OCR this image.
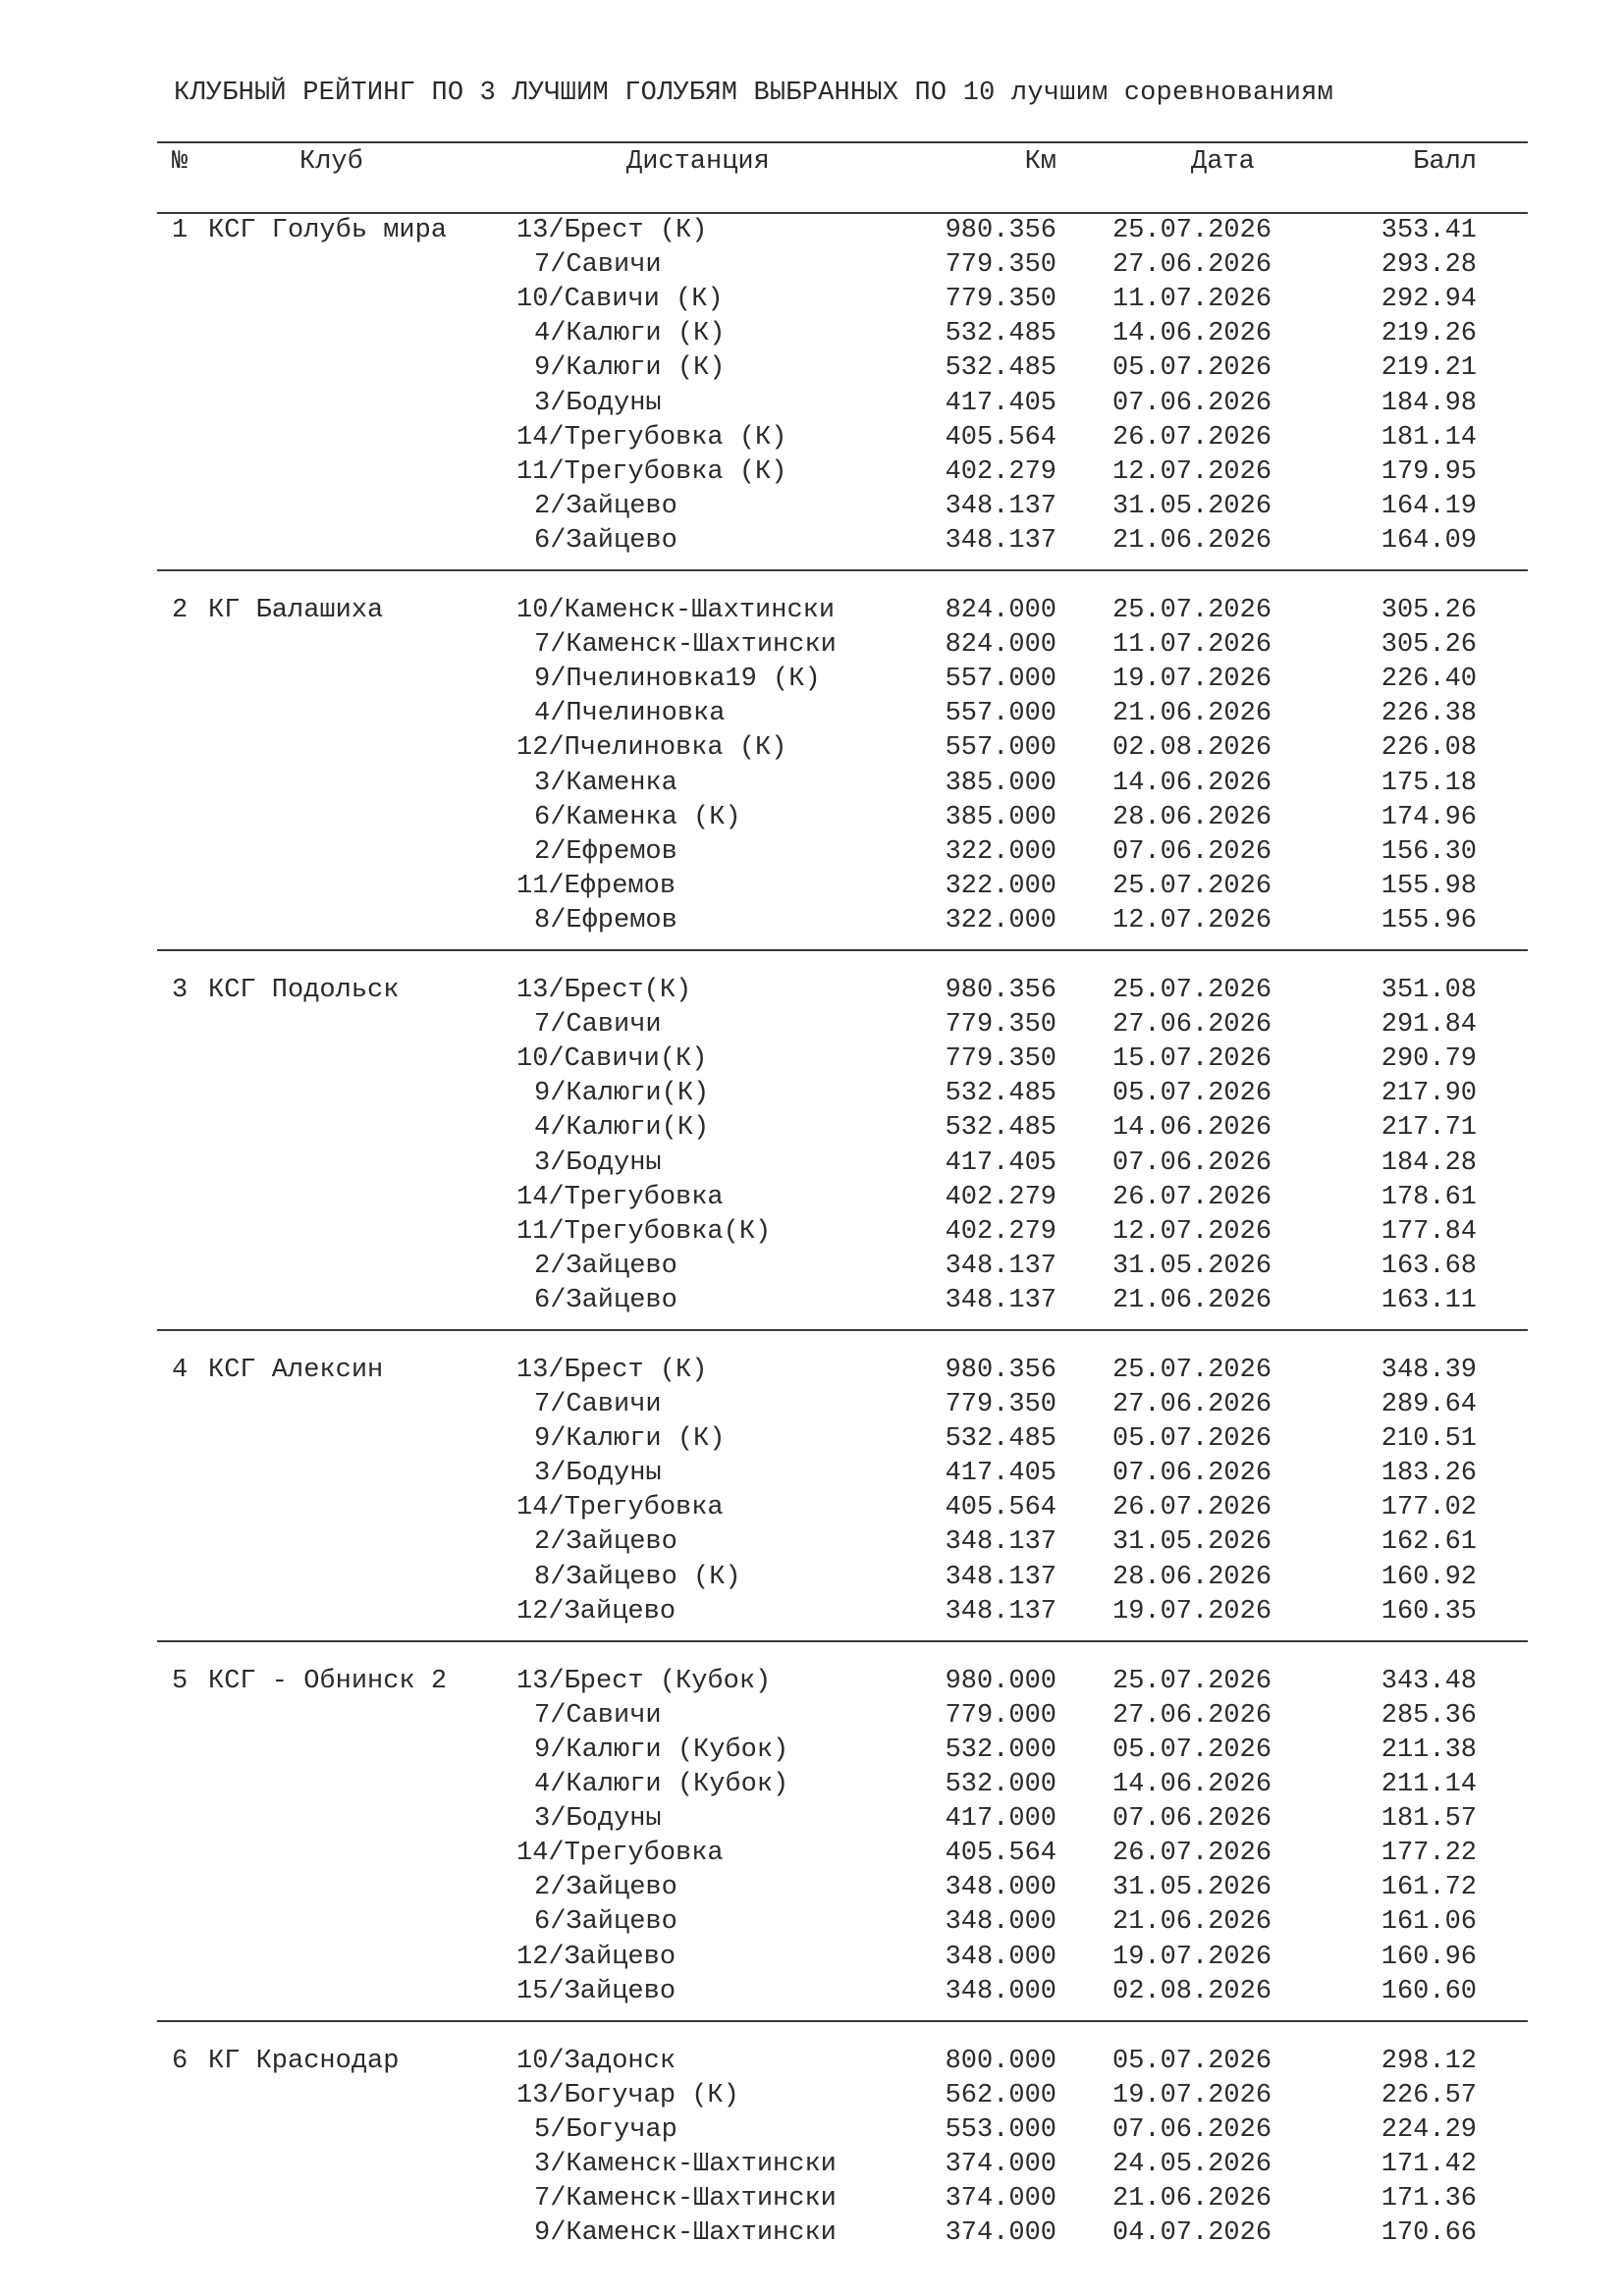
КЛУБНЫЙ РЕЙТИНГ ПО 3 ЛУЧШИМ ГОЛУБЯМ ВЫБРАННЫХ ПО 10 лучшим соревнованиям
№	Клуб	Дистанция	Км	Дата	Балл
1 КСГ Голубь мира	13/Брест (К)	980.356 25.07.2026	353.41
7/Савичи	779.350 27.06.2026	293.28
10/Савичи (К)	779.350 11.07.2026	292.94
4/Калюги (К)	532.485 14.06.2026	219.26
9/Калюги (К)	532.485 05.07.2026	219.21
3/Бодуны	417.405 07.06.2026	184.98
14/Трегубовка (К)	405.564 26.07.2026	181.14
11/Трегубовка (К)	402.279 12.07.2026	179.95
2/Зайцево	348.137 31.05.2026	164.19
6/Зайцево	348.137 21.06.2026	164.09
2 КГ Балашиха	10/Каменск-Шахтински	824.000 25.07.2026	305.26
7/Каменск-Шахтински	824.000 11.07.2026	305.26
9/Пчелиновка19 (К)	557.000 19.07.2026	226.40
4/Пчелиновка	557.000 21.06.2026	226.38
12/Пчелиновка (К)	557.000 02.08.2026	226.08
3/Каменка	385.000 14.06.2026	175.18
6/Каменка (К)	385.000 28.06.2026	174.96
2/Ефремов	322.000 07.06.2026	156.30
11/Ефремов	322.000 25.07.2026	155.98
8/Ефремов	322.000 12.07.2026	155.96
3 КСГ Подольск	13/Брест(К)	980.356 25.07.2026	351.08
7/Савичи	779.350 27.06.2026	291.84
10/Савичи(К)	779.350 15.07.2026	290.79
9/Калюги(К)	532.485 05.07.2026	217.90
4/Калюги(К)	532.485 14.06.2026	217.71
3/Бодуны	417.405 07.06.2026	184.28
14/Трегубовка	402.279 26.07.2026	178.61
11/Трегубовка(К)	402.279 12.07.2026	177.84
2/Зайцево	348.137 31.05.2026	163.68
6/Зайцево	348.137 21.06.2026	163.11
4 КСГ Алексин	13/Брест (К)	980.356 25.07.2026	348.39
7/Савичи	779.350 27.06.2026	289.64
9/Калюги (К)	532.485 05.07.2026	210.51
3/Бодуны	417.405 07.06.2026	183.26
14/Трегубовка	405.564 26.07.2026	177.02
2/Зайцево	348.137 31.05.2026	162.61
8/Зайцево (К)	348.137 28.06.2026	160.92
12/Зайцево	348.137 19.07.2026	160.35
5 КСГ - Обнинск 2	13/Брест (Кубок)	980.000 25.07.2026	343.48
7/Савичи	779.000 27.06.2026	285.36
9/Калюги (Кубок)	532.000 05.07.2026	211.38
4/Калюги (Кубок)	532.000 14.06.2026	211.14
3/Бодуны	417.000 07.06.2026	181.57
14/Трегубовка	405.564 26.07.2026	177.22
2/Зайцево	348.000 31.05.2026	161.72
6/Зайцево	348.000 21.06.2026	161.06
12/Зайцево	348.000 19.07.2026	160.96
15/Зайцево	348.000 02.08.2026	160.60
6 КГ Краснодар	10/Задонск	800.000 05.07.2026	298.12
13/Богучар (К)	562.000 19.07.2026	226.57
5/Богучар	553.000 07.06.2026	224.29
3/Каменск-Шахтински	374.000 24.05.2026	171.42
7/Каменск-Шахтински	374.000 21.06.2026	171.36
9/Каменск-Шахтински	374.000 04.07.2026	170.66
